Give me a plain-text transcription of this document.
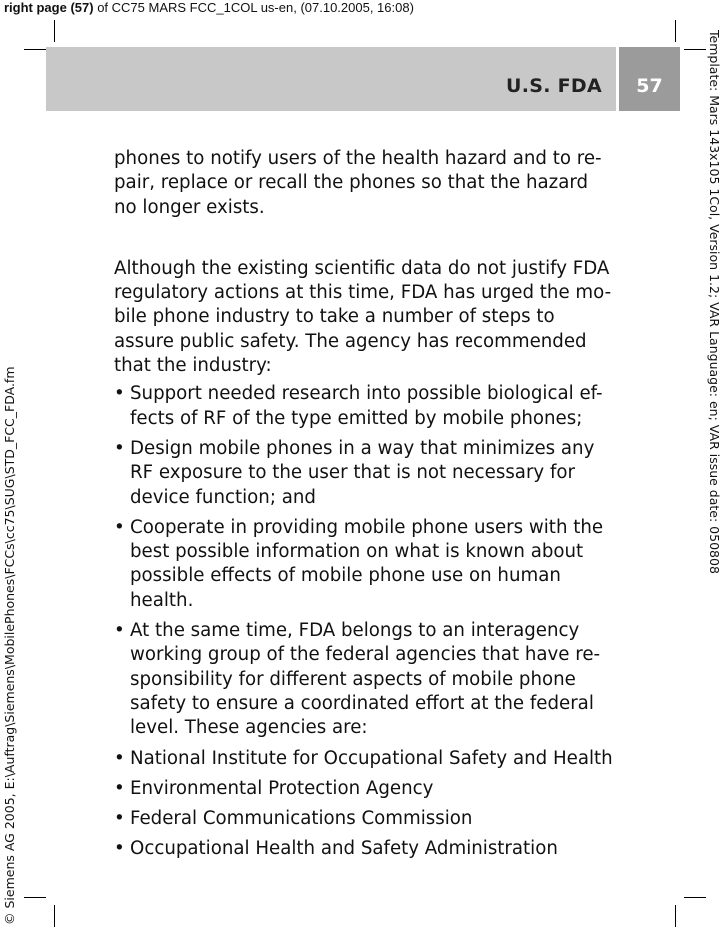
right page (57) of CC75 MARS FCC_1COL us-en, (07.10.2005, 16:08)
© Siemens AG 2005, E:\Auftrag\Siemens\MobilePhones\FCCs\cc75\SUG\STD_FCC_FDA.fm
Template: Mars 143x105 1Col, Version 1.2; VAR Language: en; VAR issue date: 050808
U.S. FDA	57

phones to notify users of the health hazard and to re-pair, replace or recall the phones so that the hazard no longer exists.

Although the existing scientific data do not justify FDA regulatory actions at this time, FDA has urged the mo-bile phone industry to take a number of steps to assure public safety. The agency has recommended that the industry:

• Support needed research into possible biological ef-fects of RF of the type emitted by mobile phones;
• Design mobile phones in a way that minimizes any RF exposure to the user that is not necessary for device function; and
• Cooperate in providing mobile phone users with the best possible information on what is known about possible effects of mobile phone use on human health.
• At the same time, FDA belongs to an interagency working group of the federal agencies that have re-sponsibility for different aspects of mobile phone safety to ensure a coordinated effort at the federal level. These agencies are:
• National Institute for Occupational Safety and Health
• Environmental Protection Agency
• Federal Communications Commission
• Occupational Health and Safety Administration
